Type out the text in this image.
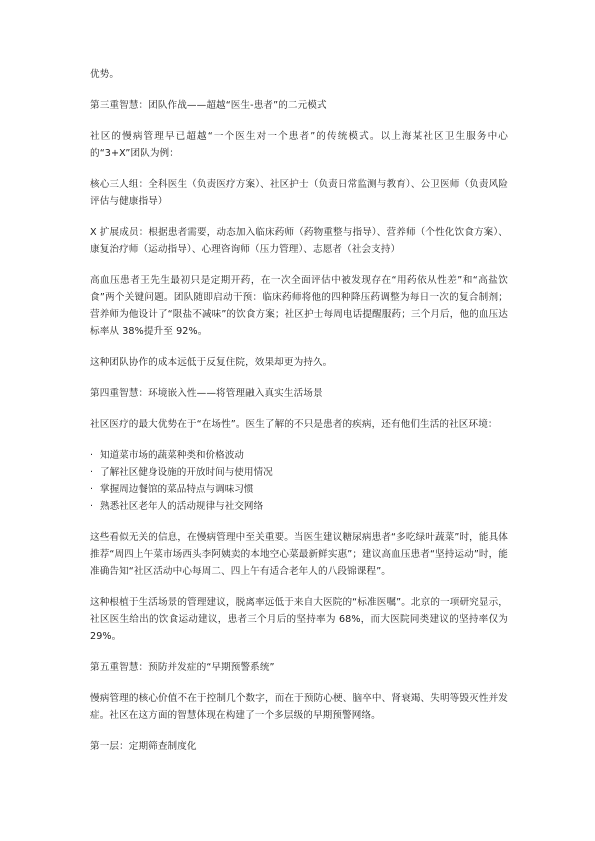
优势。

第三重智慧：团队作战——超越“医生-患者”的二元模式

社区的慢病管理早已超越“一个医生对一个患者”的传统模式。以上海某社区卫生服务中心的“3+X”团队为例：

核心三人组：全科医生（负责医疗方案）、社区护士（负责日常监测与教育）、公卫医师（负责风险评估与健康指导）

X 扩展成员：根据患者需要，动态加入临床药师（药物重整与指导）、营养师（个性化饮食方案）、康复治疗师（运动指导）、心理咨询师（压力管理）、志愿者（社会支持）

高血压患者王先生最初只是定期开药，在一次全面评估中被发现存在“用药依从性差”和“高盐饮食”两个关键问题。团队随即启动干预：临床药师将他的四种降压药调整为每日一次的复合制剂；营养师为他设计了“限盐不减味”的饮食方案；社区护士每周电话提醒服药；三个月后，他的血压达标率从 38%提升至 92%。

这种团队协作的成本远低于反复住院，效果却更为持久。

第四重智慧：环境嵌入性——将管理融入真实生活场景

社区医疗的最大优势在于“在场性”。医生了解的不只是患者的疾病，还有他们生活的社区环境：

· 知道菜市场的蔬菜种类和价格波动
· 了解社区健身设施的开放时间与使用情况
· 掌握周边餐馆的菜品特点与调味习惯
· 熟悉社区老年人的活动规律与社交网络

这些看似无关的信息，在慢病管理中至关重要。当医生建议糖尿病患者“多吃绿叶蔬菜”时，能具体推荐“周四上午菜市场西头李阿姨卖的本地空心菜最新鲜实惠”；建议高血压患者“坚持运动”时，能准确告知“社区活动中心每周二、四上午有适合老年人的八段锦课程”。

这种根植于生活场景的管理建议，脱离率远低于来自大医院的“标准医嘱”。北京的一项研究显示，社区医生给出的饮食运动建议，患者三个月后的坚持率为 68%，而大医院同类建议的坚持率仅为 29%。

第五重智慧：预防并发症的“早期预警系统”

慢病管理的核心价值不在于控制几个数字，而在于预防心梗、脑卒中、肾衰竭、失明等毁灭性并发症。社区在这方面的智慧体现在构建了一个多层级的早期预警网络。

第一层：定期筛查制度化
